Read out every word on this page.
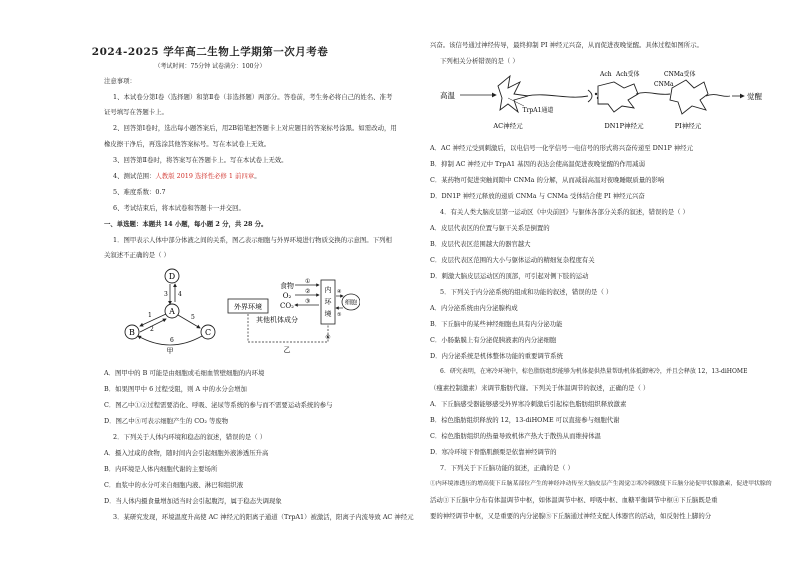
2024-2025 学年高二生物上学期第一次月考卷
（考试时间：75分钟 试卷满分：100分）
注意事项：
1、本试卷分第Ⅰ卷（选择题）和第Ⅱ卷（非选择题）两部分。答卷前，考生务必将自己的姓名、准考
证号填写在答题卡上。
2、回答第Ⅰ卷时，选出每小题答案后，用2B铅笔把答题卡上对应题目的答案标号涂黑。如需改动，用
橡皮擦干净后，再选涂其他答案标号。写在本试卷上无效。
3、回答第Ⅱ卷时，将答案写在答题卡上。写在本试卷上无效。
4、测试范围：人教版 2019 选择性必修 1 前四章。
5、难度系数：0.7
6、考试结束后，将本试卷和答题卡一并交回。
一、单选题：本题共 14 小题，每小题 2 分，共 28 分。
1．图甲表示人体中部分体液之间的关系，图乙表示细胞与外界环境进行物质交换的示意图。下列相
关叙述不正确的是（ ）
D
A
B	C
3 4
1
2
5
6
甲
外界环境
食物
O₂
CO₂
①
②
③
内
环
境
④
⑤
细胞
其他机体成分
⑥
乙
A．图甲中的 B 可能是由细胞或毛细血管壁细胞的内环境
B．如果图甲中 6 过程受阻，则 A 中的水分会增加
C．图乙中①②过程需要消化、呼吸、泌尿等系统的参与而不需要运动系统的参与
D．图乙中⑤可表示细胞产生的 CO₂ 等废物
2．下列关于人体内环境和稳态的叙述，错误的是（ ）
A．摄入过咸的食物，随时间内会引起细胞外液渗透压升高
B．内环境是人体内细胞代谢的主要场所
C．血浆中的水分可来自细胞内液、淋巴和组织液
D．当人体内摄食量增加适当时会引起腹泻，属于稳态失调现象
3．某研究发现，环境温度升高使 AC 神经元的阳离子通道（TrpA1）被激活，阳离子内流导致 AC 神经元
兴奋。该信号通过神经传导，最终抑制 PI 神经元兴奋，从而促进夜晚觉醒。具体过程如图所示。
下列相关分析错误的是（ ）
高温
AC神经元
TrpA1通道
Ach Ach受体
DN1P神经元
CNMa
CNMa受体
PI神经元
觉醒
A．AC 神经元受到刺激后，以电信号一化学信号一电信号的形式将兴奋传递至 DN1P 神经元
B．抑制 AC 神经元中 TrpA1 基因的表达会使高温促进夜晚觉醒的作用减弱
C．某药物可促进突触间隙中 CNMa 的分解，从而减弱高温对夜晚睡眠质量的影响
D．DN1P 神经元释放的递质 CNMa 与 CNMa 受体结合使 PI 神经元兴奋
4．有关人类大脑皮层第一运动区《中央前回》与躯体各部分关系的叙述，错误的是（ ）
A．皮层代表区的位置与躯干关系是倒置的
B．皮层代表区范围越大的器官越大
C．皮层代表区范围的大小与躯体运动的精细复杂程度有关
D．刺激大脑皮层运动区的顶部，可引起对侧下肢的运动
5．下列关于内分泌系统的组成和功能的叙述，错误的是（ ）
A．内分泌系统由内分泌腺构成
B．下丘脑中的某些神经细胞也具有内分泌功能
C．小肠黏膜上有分泌促胰液素的内分泌细胞
D．内分泌系统是机体整体功能的重要调节系统
6．研究表明，在寒冷环境中，棕色脂肪组织能够为机体提供热量帮助机体抵御寒冷，并且会释放 12，13-diHOME
（瘦素控制激素）来调节脂肪代谢。下列关于体温调节的叙述，正确的是（ ）
A．下丘脑感受器能够感受外界寒冷刺激后引起棕色脂肪组织释放激素
B．棕色脂肪组织释放的 12，13-diHOME 可以直接参与细胞代谢
C．棕色脂肪组织的热量导致机体产热大于散热从而维持体温
D．寒冷环境下骨骼肌颤栗是依靠神经调节的
7．下列关于下丘脑功能的叙述，正确的是（ ）
①内环境渗透压的增高使下丘脑某部位产生的神经冲动传至大脑皮层产生渴觉②寒冷刺激使下丘脑分泌促甲状腺激素，促进甲状腺的
活动③下丘脑中分布有体温调节中枢，如体温调节中枢、呼吸中枢、血糖平衡调节中枢④下丘脑既是重
要的神经调节中枢，又是重要的内分泌腺⑤下丘脑通过神经支配人体器官的活动，如反射性上脚的分
